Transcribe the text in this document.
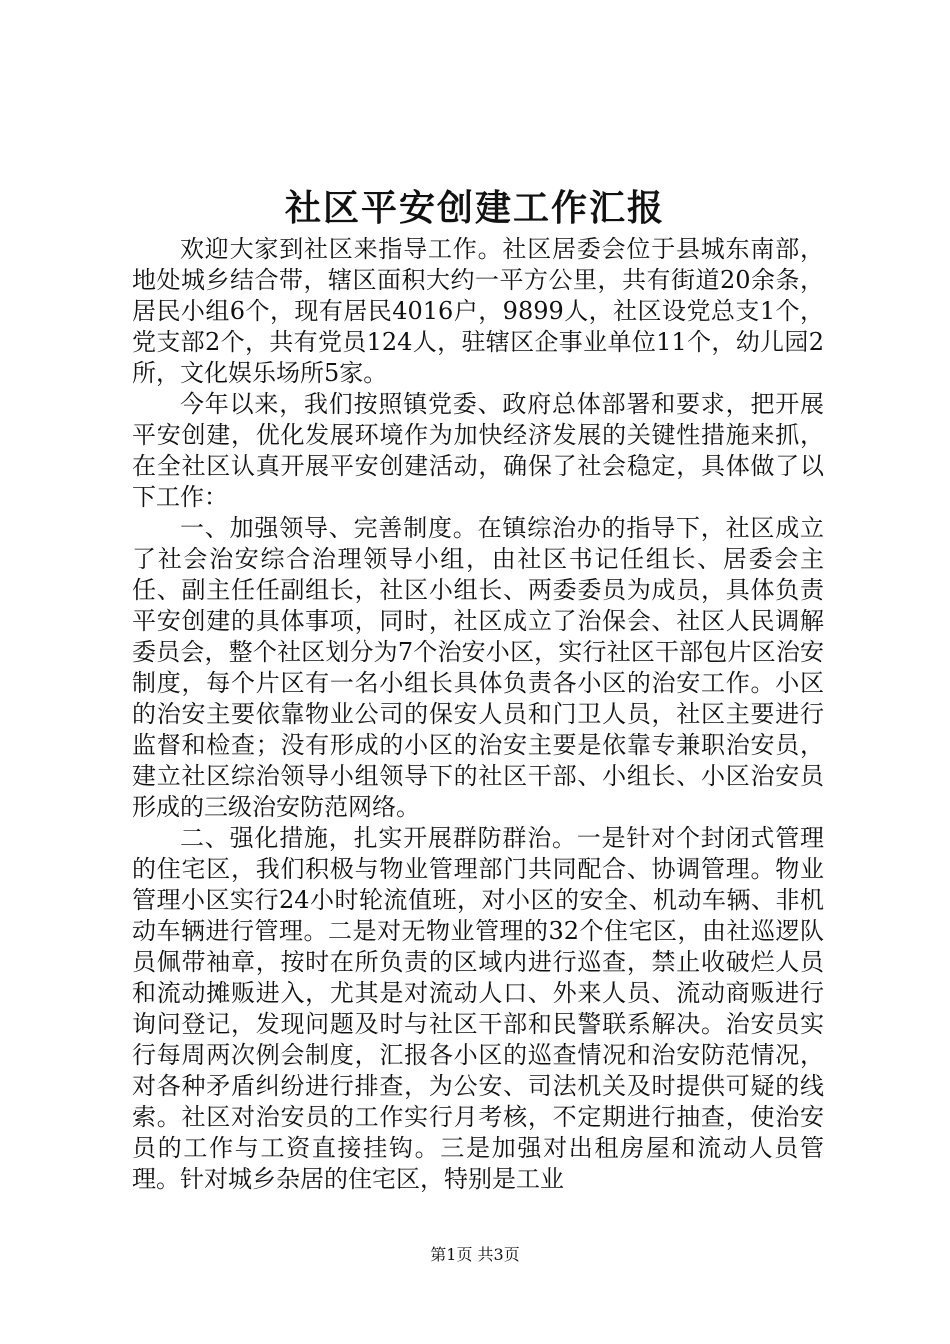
社区平安创建工作汇报

欢迎大家到社区来指导工作。社区居委会位于县城东南部，地处城乡结合带，辖区面积大约一平方公里，共有街道20余条，居民小组6个，现有居民4016户，9899人，社区设党总支1个，党支部2个，共有党员124人，驻辖区企事业单位11个，幼儿园2所，文化娱乐场所5家。

今年以来，我们按照镇党委、政府总体部署和要求，把开展平安创建，优化发展环境作为加快经济发展的关键性措施来抓，在全社区认真开展平安创建活动，确保了社会稳定，具体做了以下工作：

一、加强领导、完善制度。在镇综治办的指导下，社区成立了社会治安综合治理领导小组，由社区书记任组长、居委会主任、副主任任副组长，社区小组长、两委委员为成员，具体负责平安创建的具体事项，同时，社区成立了治保会、社区人民调解委员会，整个社区划分为7个治安小区，实行社区干部包片区治安制度，每个片区有一名小组长具体负责各小区的治安工作。小区的治安主要依靠物业公司的保安人员和门卫人员，社区主要进行监督和检查；没有形成的小区的治安主要是依靠专兼职治安员，建立社区综治领导小组领导下的社区干部、小组长、小区治安员形成的三级治安防范网络。

二、强化措施，扎实开展群防群治。一是针对个封闭式管理的住宅区，我们积极与物业管理部门共同配合、协调管理。物业管理小区实行24小时轮流值班，对小区的安全、机动车辆、非机动车辆进行管理。二是对无物业管理的32个住宅区，由社巡逻队员佩带袖章，按时在所负责的区域内进行巡查，禁止收破烂人员和流动摊贩进入，尤其是对流动人口、外来人员、流动商贩进行询问登记，发现问题及时与社区干部和民警联系解决。治安员实行每周两次例会制度，汇报各小区的巡查情况和治安防范情况，对各种矛盾纠纷进行排查，为公安、司法机关及时提供可疑的线索。社区对治安员的工作实行月考核，不定期进行抽查，使治安员的工作与工资直接挂钩。三是加强对出租房屋和流动人员管理。针对城乡杂居的住宅区，特别是工业

第1页 共3页
